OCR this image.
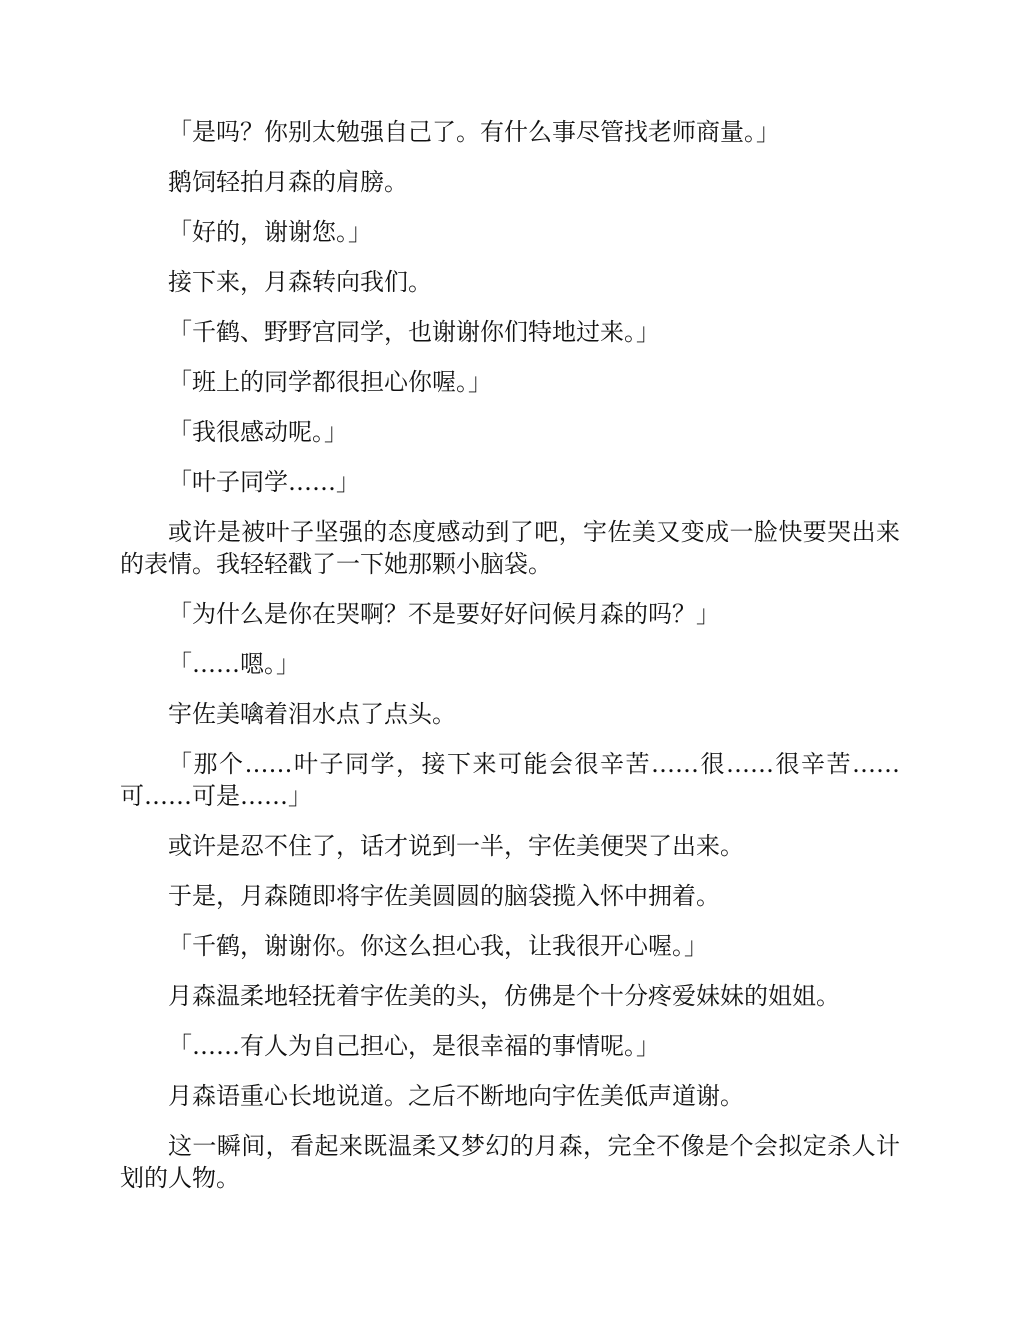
「是吗？你别太勉强自己了。有什么事尽管找老师商量。」

鹅饲轻拍月森的肩膀。

「好的，谢谢您。」

接下来，月森转向我们。

「千鹤、野野宫同学，也谢谢你们特地过来。」

「班上的同学都很担心你喔。」

「我很感动呢。」

「叶子同学……」

或许是被叶子坚强的态度感动到了吧，宇佐美又变成一脸快要哭出来的表情。我轻轻戳了一下她那颗小脑袋。

「为什么是你在哭啊？不是要好好问候月森的吗？」

「……嗯。」

宇佐美噙着泪水点了点头。

「那个……叶子同学，接下来可能会很辛苦……很……很辛苦……可……可是……」

或许是忍不住了，话才说到一半，宇佐美便哭了出来。

于是，月森随即将宇佐美圆圆的脑袋揽入怀中拥着。

「千鹤，谢谢你。你这么担心我，让我很开心喔。」

月森温柔地轻抚着宇佐美的头，仿佛是个十分疼爱妹妹的姐姐。

「……有人为自己担心，是很幸福的事情呢。」

月森语重心长地说道。之后不断地向宇佐美低声道谢。

这一瞬间，看起来既温柔又梦幻的月森，完全不像是个会拟定杀人计划的人物。
